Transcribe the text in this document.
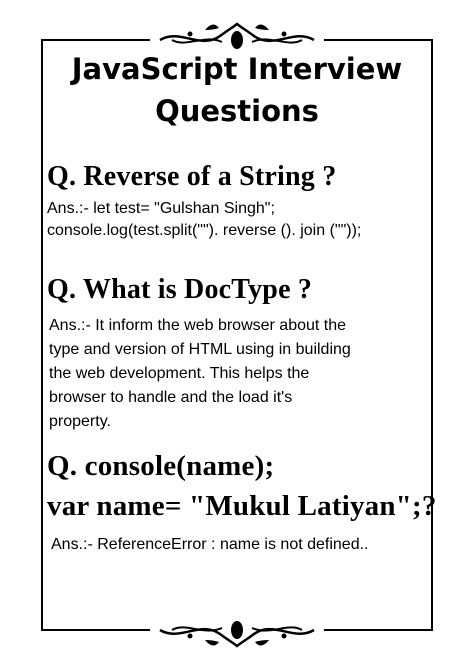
JavaScript Interview
Questions
Q. Reverse of a String ?
Ans.:- let test= "Gulshan Singh";
console.log(test.split(""). reverse (). join (""));
Q. What is DocType ?
Ans.:- It inform the web browser about the
type and version of HTML using in building
the web development. This helps the
browser to handle and the load it's
property.
Q. console(name);
var name= "Mukul Latiyan";?
Ans.:- ReferenceError : name is not defined..
